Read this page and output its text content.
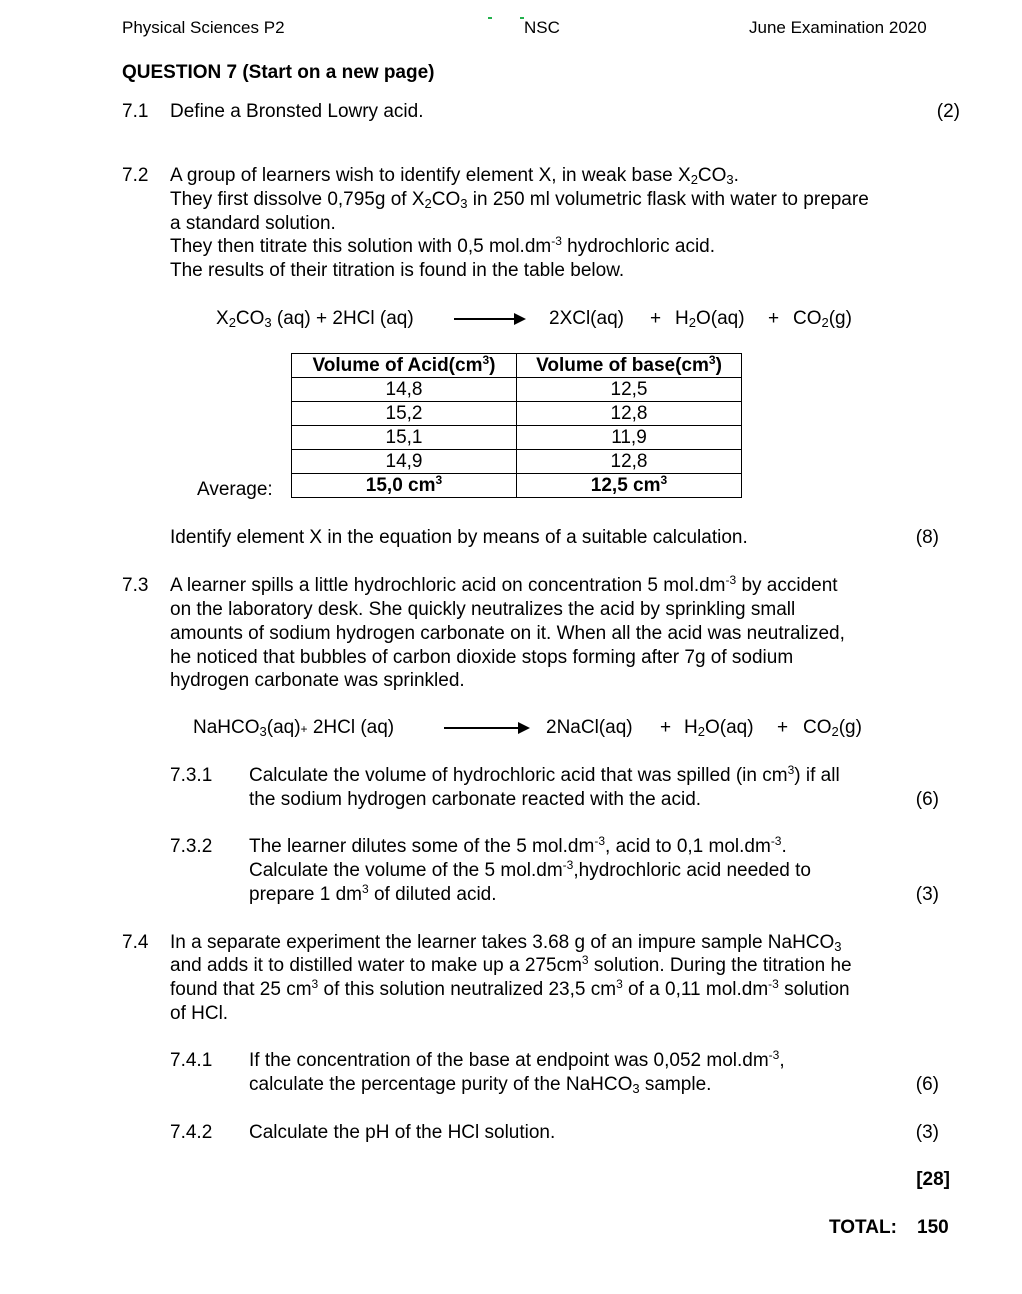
Physical Sciences P2	NSC	June Examination 2020
QUESTION 7 (Start on a new page)
7.1 Define a Bronsted Lowry acid.	(2)
7.2 A group of learners wish to identify element X, in weak base $X_2CO_3$.
They first dissolve 0,795g of $X_2CO_3$ in 250 ml volumetric flask with water to prepare
a standard solution.
They then titrate this solution with 0,5 $mol.dm^{-3}$ hydrochloric acid.
The results of their titration is found in the table below.
$X_2CO_3$ (aq) + 2HCl $(aq) \to 2XCl(aq) + H_2O(aq) + CO_2(g)$
Volume of $Acid(cm^3)$	Volume of $base(cm^3)$
14,8	12,5
15,2	12,8
15,1	11,9
14,9	12,8
15,0 $cm^3$	12,5 $cm^3$
Average:
Identify element X in the equation by means of a suitable calculation.	(8)
7.3 A learner spills a little hydrochloric acid on concentration 5 $mol.dm^{-3}$ by accident
on the laboratory desk. She quickly neutralizes the acid by sprinkling small
amounts of sodium hydrogen carbonate on it. When all the acid was neutralized,
he noticed that bubbles of carbon dioxide stops forming after 7g of sodium
hydrogen carbonate was sprinkled.
NaHCO$_3$(aq)+ 2HCl (aq)	2NaCl(aq) + $H_2O(aq) + CO_2(g)$
7.3.1 Calculate the volume of hydrochloric acid that was spilled (in $cm^3$) if all
the sodium hydrogen carbonate reacted with the acid.	(6)
7.3.2 The learner dilutes some of the 5 $mol.dm^{-3}$, acid to 0,1 $mol.dm^{-3}$.
Calculate the volume of the 5 $mol.dm^{-3},hydrochloric$ acid needed to
prepare 1 $dm^3$ of diluted acid.	(3)
7.4 In a separate experiment the learner takes 3.68 g of an impure sample NaHCO$_3$
and adds it to distilled water to make up a $275cm^3$ solution. During the titration he
found that 25 $cm^3$ of this solution neutralized 23,5 $cm^3$ of a 0,11 $mol.dm^{-3}$ solution
of HCl.
7.4.1 If the concentration of the base at endpoint was 0,052 $mol.dm^{-3}$,
calculate the percentage purity of the NaHCO$_3$ sample.	(6)
7.4.2 Calculate the pH of the HCl solution.	(3)
[28]
TOTAL: 150
